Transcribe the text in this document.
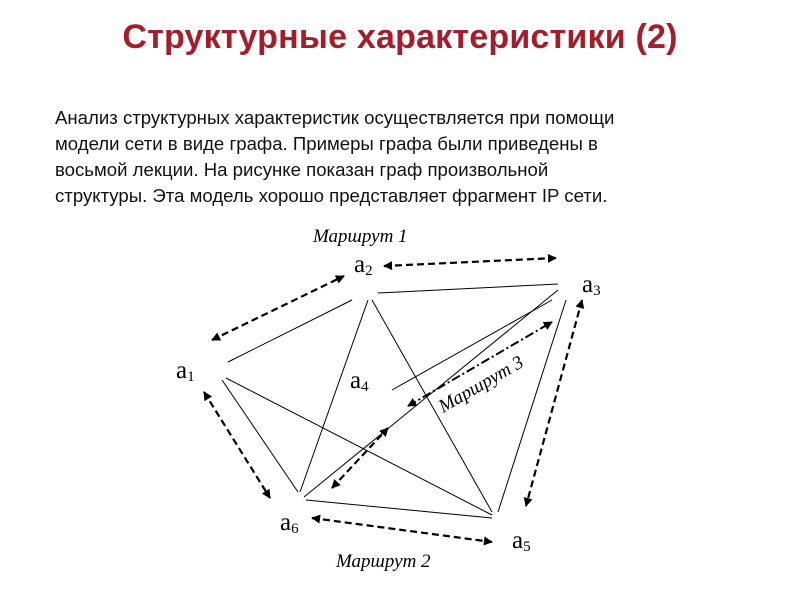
Структурные характеристики (2)
Анализ структурных характеристик осуществляется при помощи
модели сети в виде графа. Примеры графа были приведены в
восьмой лекции. На рисунке показан граф произвольной
структуры. Эта модель хорошо представляет фрагмент IP сети.
a1
a2	a3
a4
a5
a6
Маршрут 1
Маршрут 2
Маршрут 3
